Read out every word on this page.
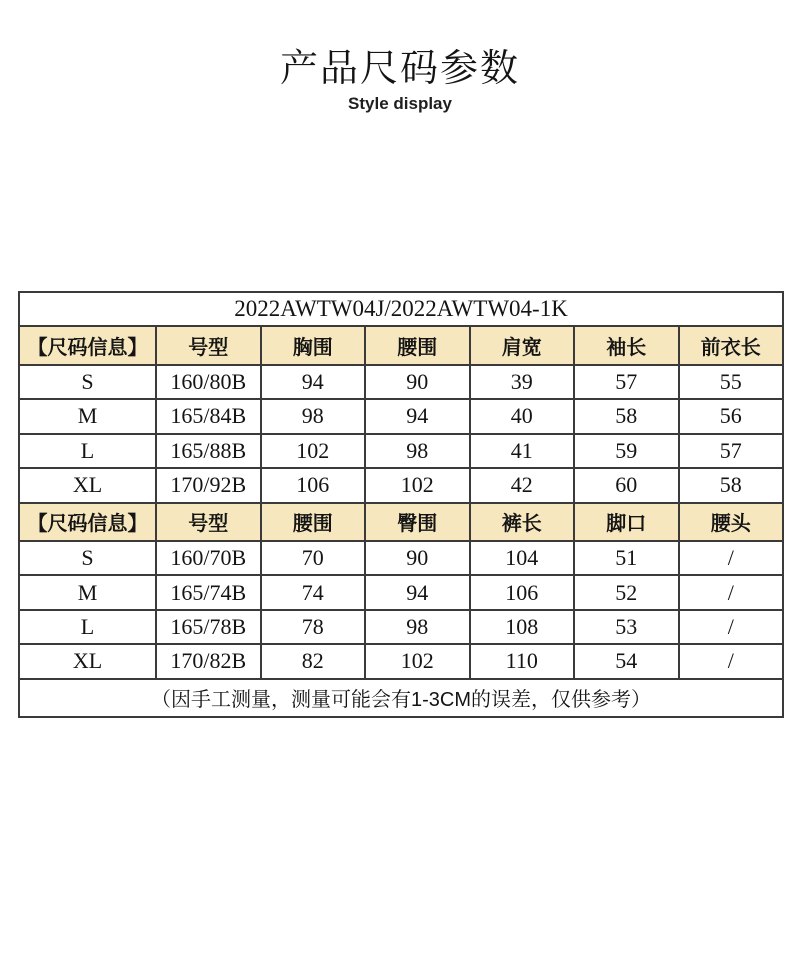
产品尺码参数
Style display
2022AWTW04J/2022AWTW04-1K						
【尺码信息】	号型	胸围	腰围	肩宽	袖长	前衣长
S	160/80B	94	90	39	57	55
M	165/84B	98	94	40	58	56
L	165/88B	102	98	41	59	57
XL	170/92B	106	102	42	60	58
【尺码信息】	号型	腰围	臀围	裤长	脚口	腰头
S	160/70B	70	90	104	51	/
M	165/74B	74	94	106	52	/
L	165/78B	78	98	108	53	/
XL	170/82B	82	102	110	54	/
（因手工测量，测量可能会有1-3CM的误差，仅供参考）						
